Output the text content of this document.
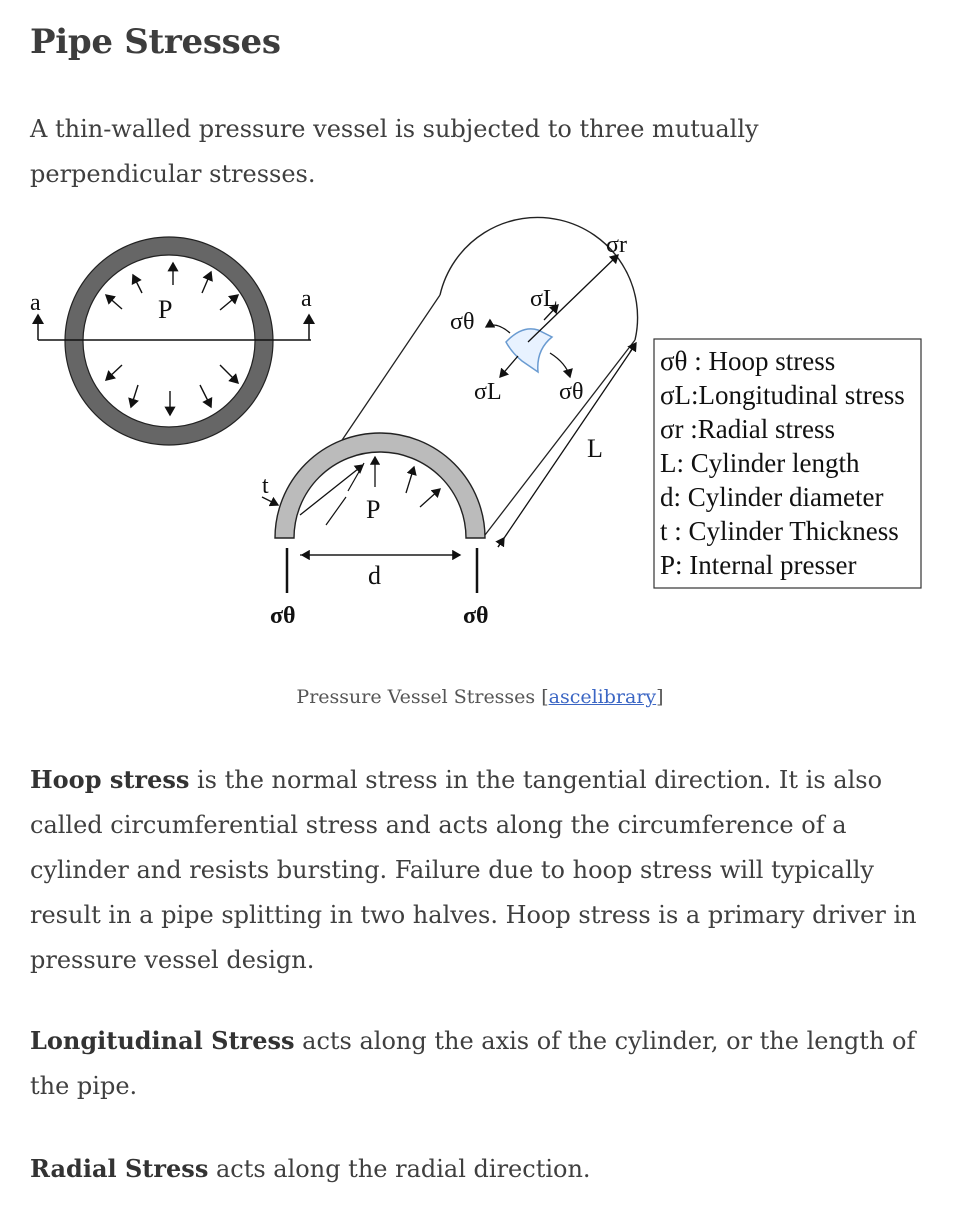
Pipe Stresses

A thin-walled pressure vessel is subjected to three mutually perpendicular stresses.

P
a	a
P
t
d
L
σθ	σθ
σθ
σL
σr
σL σθ
σθ : Hoop stress
σL:Longitudinal stress
σr :Radial stress
L: Cylinder length
d: Cylinder diameter
t : Cylinder Thickness
P: Internal presser
Pressure Vessel Stresses [ascelibrary]

Hoop stress is the normal stress in the tangential direction. It is also called circumferential stress and acts along the circumference of a cylinder and resists bursting. Failure due to hoop stress will typically result in a pipe splitting in two halves. Hoop stress is a primary driver in pressure vessel design.

Longitudinal Stress acts along the axis of the cylinder, or the length of the pipe.

Radial Stress acts along the radial direction.
